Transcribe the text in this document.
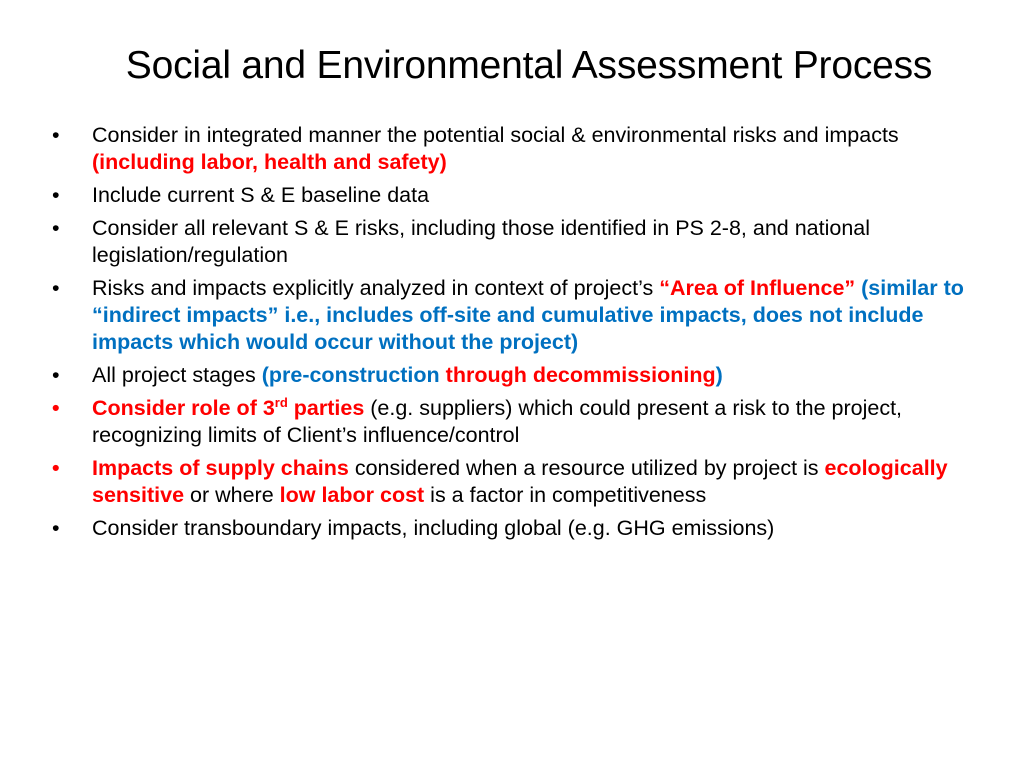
Social and Environmental Assessment Process
•	Consider in integrated manner the potential social & environmental risks and impacts (including labor, health and safety)
•	Include current S & E baseline data
•	Consider all relevant S & E risks, including those identified in PS 2-8, and national legislation/regulation
•	Risks and impacts explicitly analyzed in context of project’s “Area of Influence” (similar to “indirect impacts” i.e., includes off-site and cumulative impacts, does not include impacts which would occur without the project)
•	All project stages (pre-construction through decommissioning)
•	Consider role of 3rd parties (e.g. suppliers) which could present a risk to the project, recognizing limits of Client’s influence/control
•	Impacts of supply chains considered when a resource utilized by project is ecologically sensitive or where low labor cost is a factor in competitiveness
•	Consider transboundary impacts, including global (e.g. GHG emissions)
